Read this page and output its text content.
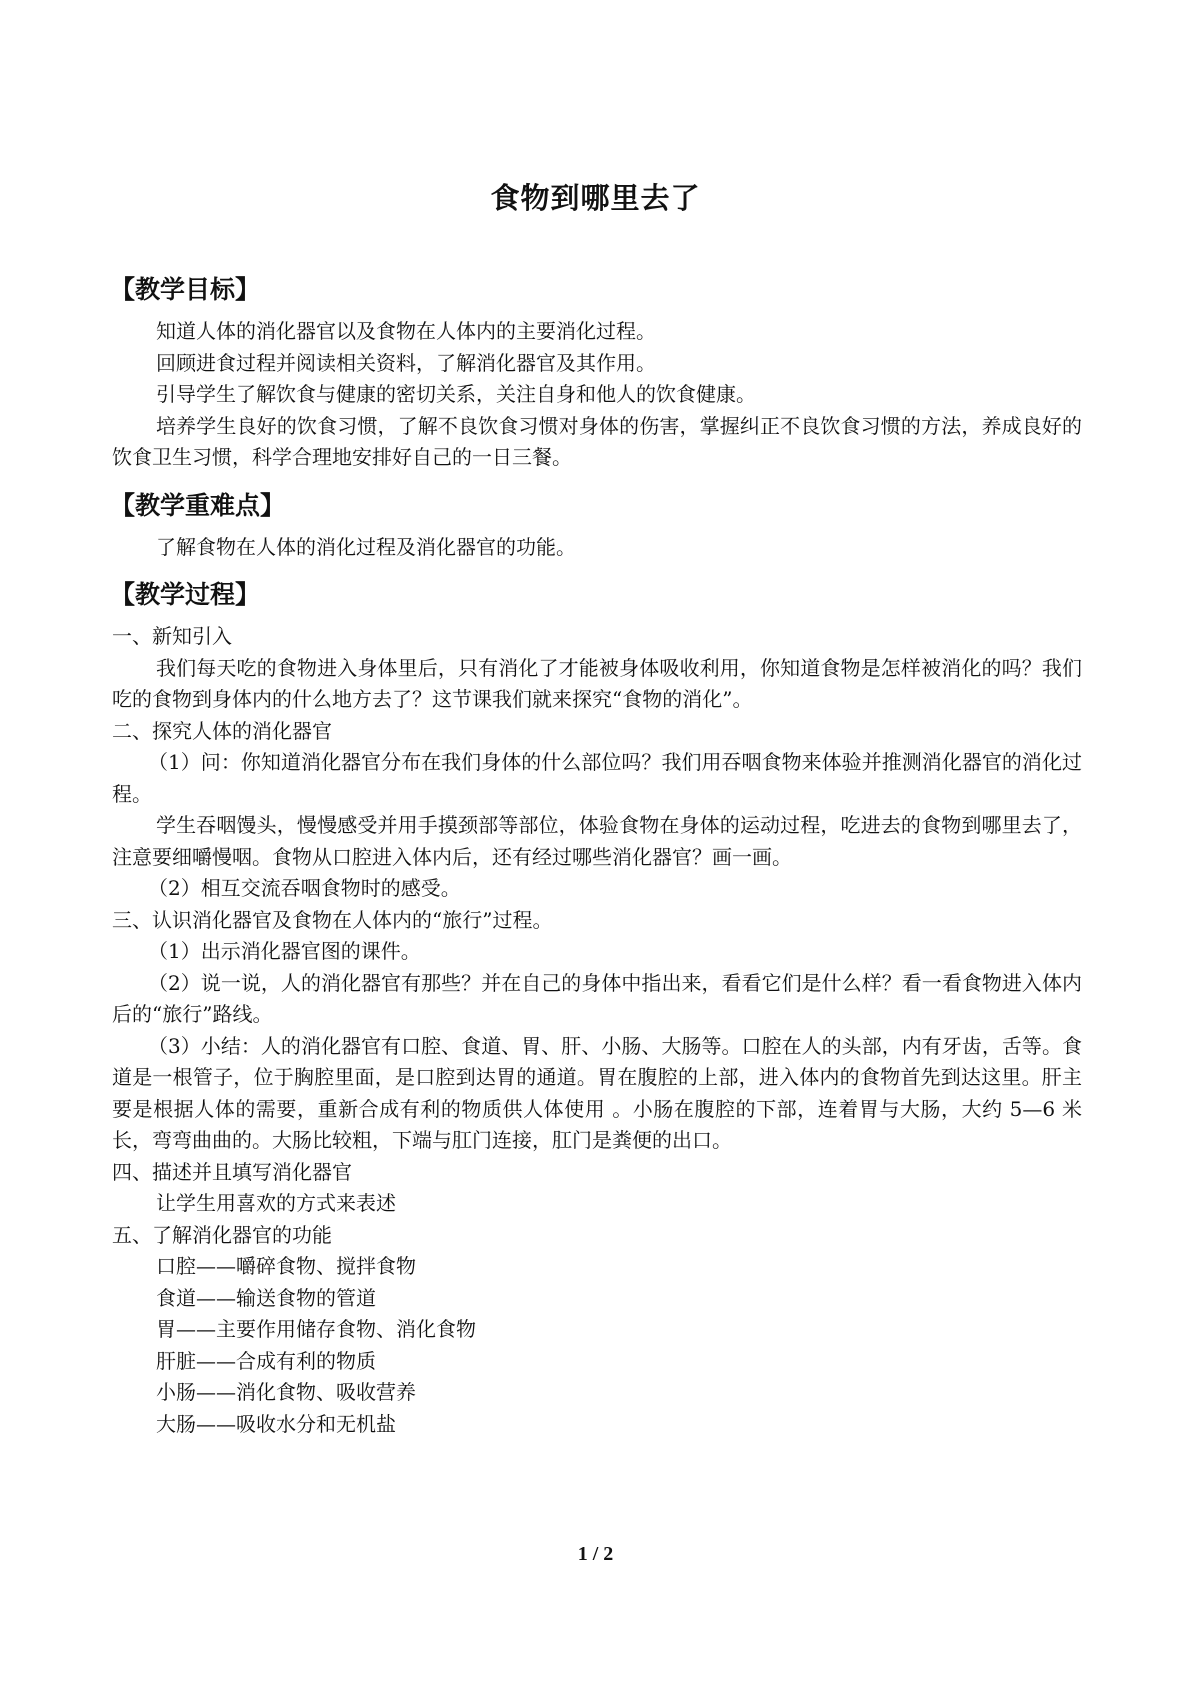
食物到哪里去了
【教学目标】

知道人体的消化器官以及食物在人体内的主要消化过程。

回顾进食过程并阅读相关资料，了解消化器官及其作用。

引导学生了解饮食与健康的密切关系，关注自身和他人的饮食健康。

培养学生良好的饮食习惯，了解不良饮食习惯对身体的伤害，掌握纠正不良饮食习惯的方法，养成良好的饮食卫生习惯，科学合理地安排好自己的一日三餐。

【教学重难点】

了解食物在人体的消化过程及消化器官的功能。

【教学过程】

一、新知引入

我们每天吃的食物进入身体里后，只有消化了才能被身体吸收利用，你知道食物是怎样被消化的吗？我们吃的食物到身体内的什么地方去了？这节课我们就来探究“食物的消化”。

二、探究人体的消化器官

（1）问：你知道消化器官分布在我们身体的什么部位吗？我们用吞咽食物来体验并推测消化器官的消化过程。

学生吞咽馒头，慢慢感受并用手摸颈部等部位，体验食物在身体的运动过程，吃进去的食物到哪里去了，注意要细嚼慢咽。食物从口腔进入体内后，还有经过哪些消化器官？画一画。

（2）相互交流吞咽食物时的感受。

三、认识消化器官及食物在人体内的“旅行”过程。

（1）出示消化器官图的课件。

（2）说一说，人的消化器官有那些？并在自己的身体中指出来，看看它们是什么样？看一看食物进入体内后的“旅行”路线。

（3）小结：人的消化器官有口腔、食道、胃、肝、小肠、大肠等。口腔在人的头部，内有牙齿，舌等。食道是一根管子，位于胸腔里面，是口腔到达胃的通道。胃在腹腔的上部，进入体内的食物首先到达这里。肝主要是根据人体的需要，重新合成有利的物质供人体使用 。小肠在腹腔的下部，连着胃与大肠，大约 5—6 米长，弯弯曲曲的。大肠比较粗，下端与肛门连接，肛门是粪便的出口。

四、描述并且填写消化器官

让学生用喜欢的方式来表述

五、了解消化器官的功能

口腔——嚼碎食物、搅拌食物

食道——输送食物的管道

胃——主要作用储存食物、消化食物

肝脏——合成有利的物质

小肠——消化食物、吸收营养

大肠——吸收水分和无机盐

1 / 2
